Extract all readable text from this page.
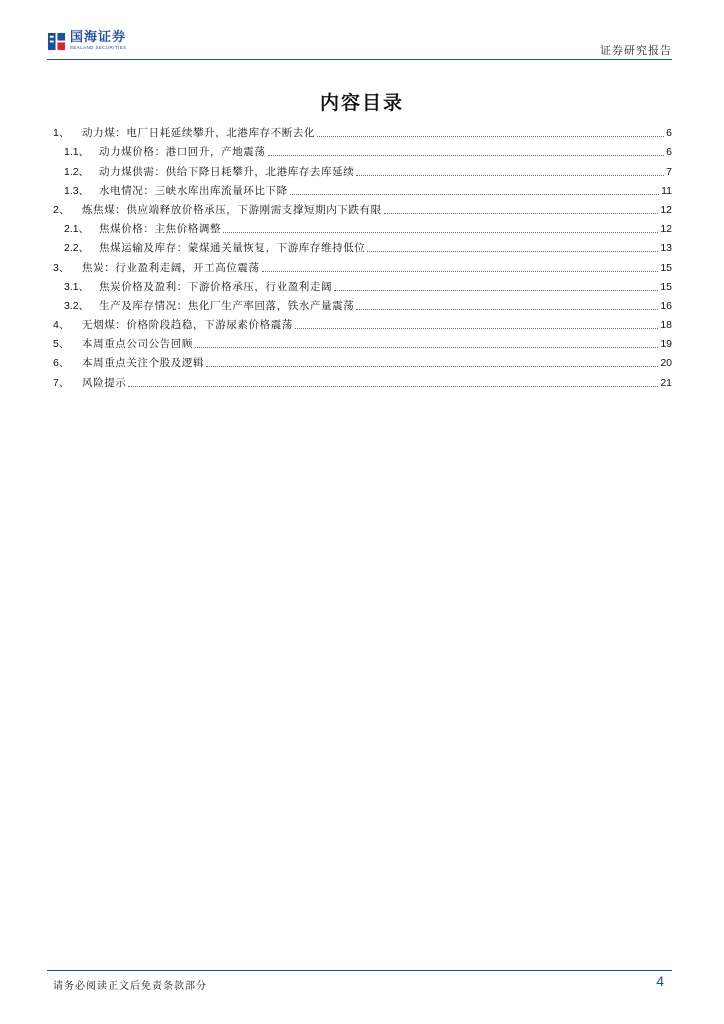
国海证券
SEALAND SECURITIES	证券研究报告
内容目录
1、	动力煤：电厂日耗延续攀升，北港库存不断去化	6
1.1、 动力煤价格：港口回升，产地震荡	6
1.2、 动力煤供需：供给下降日耗攀升，北港库存去库延续	7
1.3、 水电情况：三峡水库出库流量环比下降	11
2、	炼焦煤：供应端释放价格承压，下游刚需支撑短期内下跌有限	12
2.1、 焦煤价格：主焦价格调整	12
2.2、 焦煤运输及库存：蒙煤通关量恢复，下游库存维持低位	13
3、	焦炭：行业盈利走阔，开工高位震荡	15
3.1、 焦炭价格及盈利：下游价格承压，行业盈利走阔	15
3.2、 生产及库存情况：焦化厂生产率回落，铁水产量震荡	16
4、	无烟煤：价格阶段趋稳，下游尿素价格震荡	18
5、	本周重点公司公告回顾	19
6、	本周重点关注个股及逻辑	20
7、	风险提示	21
请务必阅读正文后免责条款部分	4
